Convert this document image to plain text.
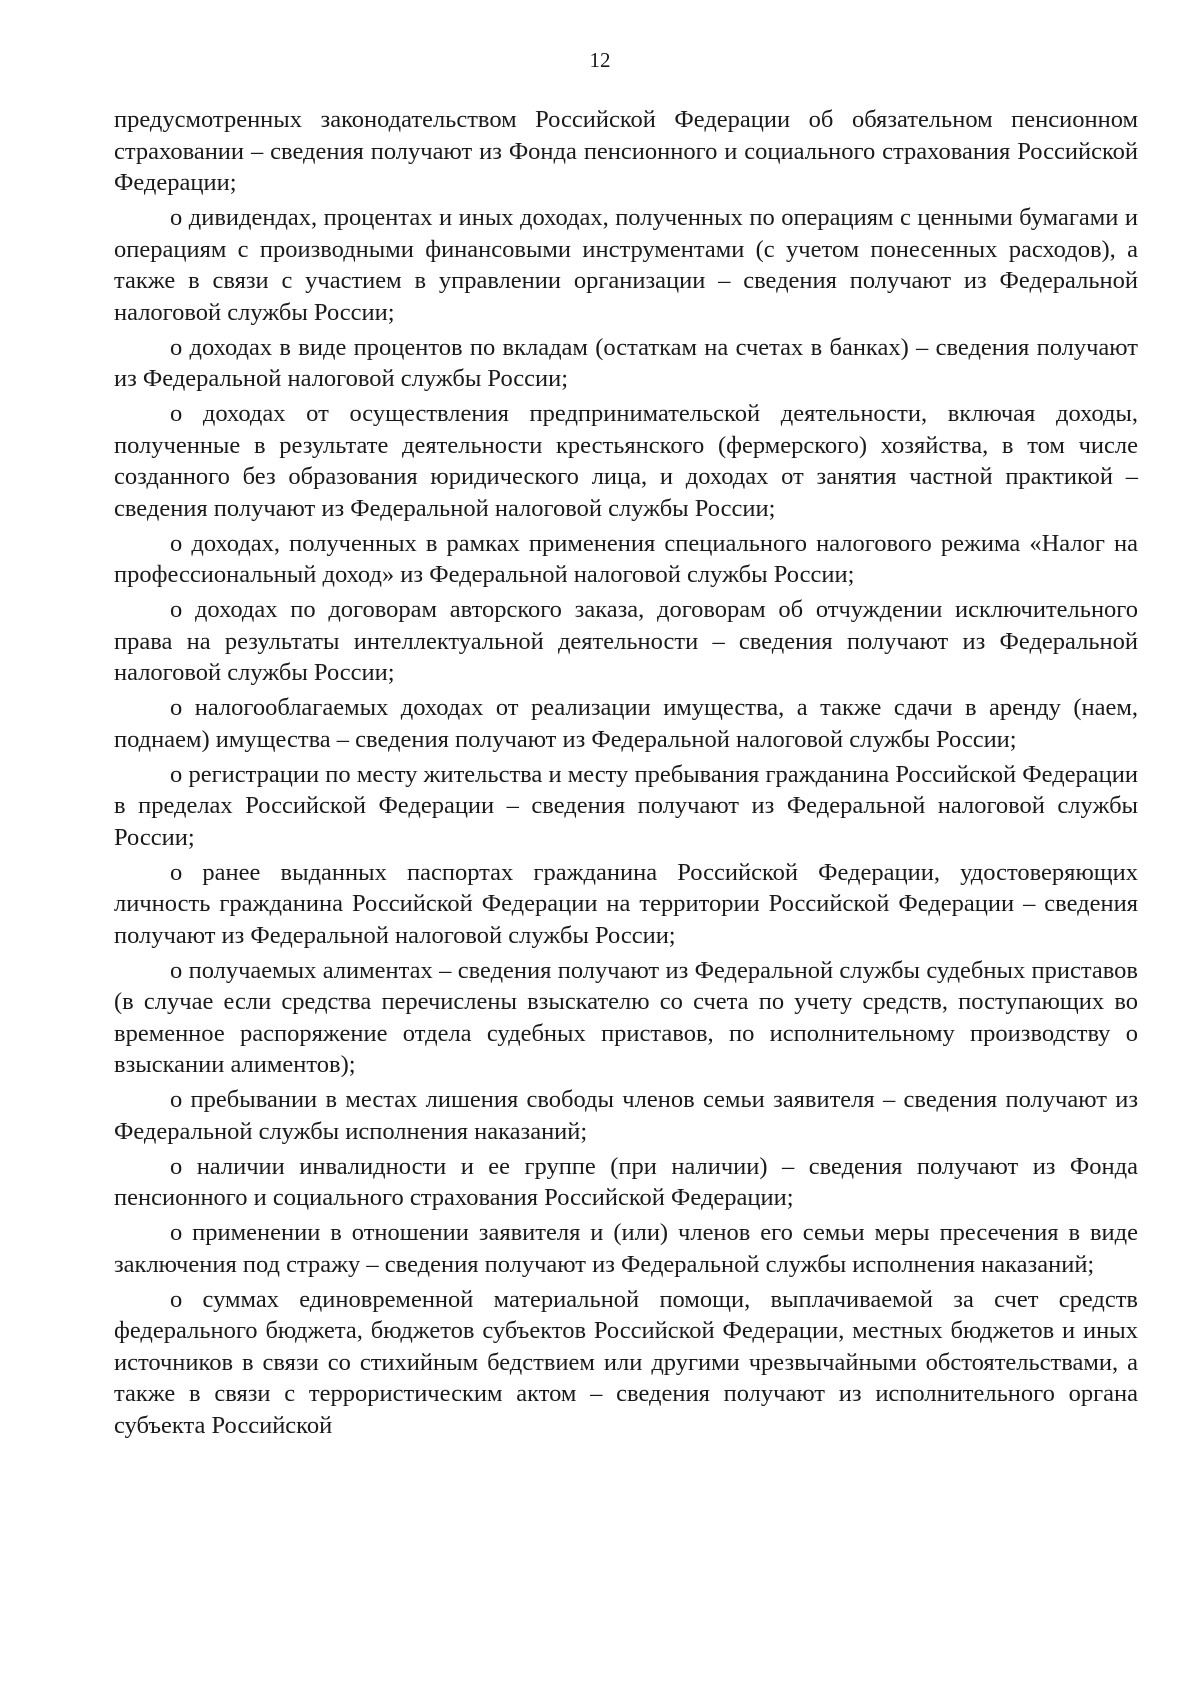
12

предусмотренных законодательством Российской Федерации об обязательном пенсионном страховании – сведения получают из Фонда пенсионного и социального страхования Российской Федерации;

о дивидендах, процентах и иных доходах, полученных по операциям с ценными бумагами и операциям с производными финансовыми инструментами (с учетом понесенных расходов), а также в связи с участием в управлении организации – сведения получают из Федеральной налоговой службы России;

о доходах в виде процентов по вкладам (остаткам на счетах в банках) – сведения получают из Федеральной налоговой службы России;

о доходах от осуществления предпринимательской деятельности, включая доходы, полученные в результате деятельности крестьянского (фермерского) хозяйства, в том числе созданного без образования юридического лица, и доходах от занятия частной практикой – сведения получают из Федеральной налоговой службы России;

о доходах, полученных в рамках применения специального налогового режима «Налог на профессиональный доход» из Федеральной налоговой службы России;

о доходах по договорам авторского заказа, договорам об отчуждении исключительного права на результаты интеллектуальной деятельности – сведения получают из Федеральной налоговой службы России;

о налогооблагаемых доходах от реализации имущества, а также сдачи в аренду (наем, поднаем) имущества – сведения получают из Федеральной налоговой службы России;

о регистрации по месту жительства и месту пребывания гражданина Российской Федерации в пределах Российской Федерации – сведения получают из Федеральной налоговой службы России;

о ранее выданных паспортах гражданина Российской Федерации, удостоверяющих личность гражданина Российской Федерации на территории Российской Федерации – сведения получают из Федеральной налоговой службы России;

о получаемых алиментах – сведения получают из Федеральной службы судебных приставов (в случае если средства перечислены взыскателю со счета по учету средств, поступающих во временное распоряжение отдела судебных приставов, по исполнительному производству о взыскании алиментов);

о пребывании в местах лишения свободы членов семьи заявителя – сведения получают из Федеральной службы исполнения наказаний;

о наличии инвалидности и ее группе (при наличии) – сведения получают из Фонда пенсионного и социального страхования Российской Федерации;

о применении в отношении заявителя и (или) членов его семьи меры пресечения в виде заключения под стражу – сведения получают из Федеральной службы исполнения наказаний;

о суммах единовременной материальной помощи, выплачиваемой за счет средств федерального бюджета, бюджетов субъектов Российской Федерации, местных бюджетов и иных источников в связи со стихийным бедствием или другими чрезвычайными обстоятельствами, а также в связи с террористическим актом – сведения получают из исполнительного органа субъекта Российской
